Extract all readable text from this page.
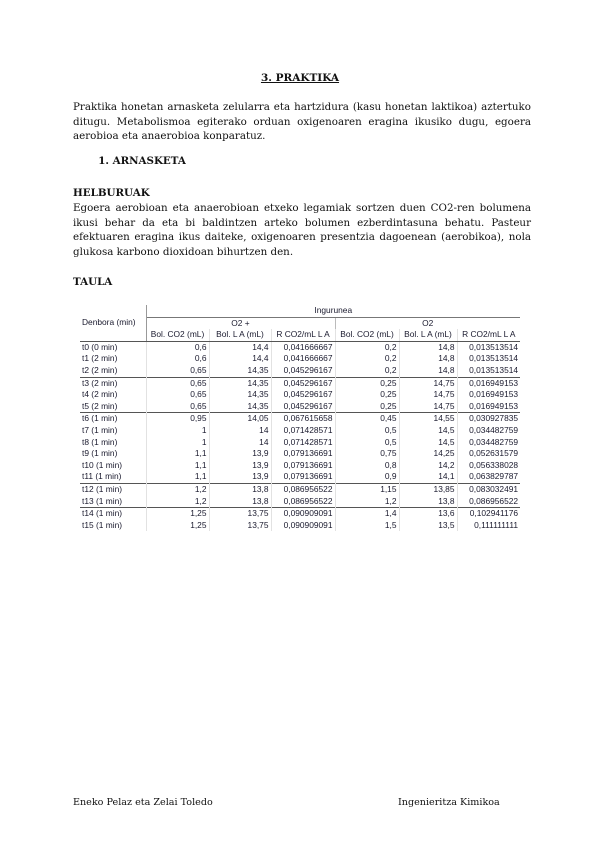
3. PRAKTIKA
Praktika honetan arnasketa zelularra eta hartzidura (kasu honetan laktikoa) aztertuko ditugu. Metabolismoa egiterako orduan oxigenoaren eragina ikusiko dugu, egoera aerobioa eta anaerobioa konparatuz.
1. ARNASKETA
HELBURUAK
Egoera aerobioan eta anaerobioan etxeko legamiak sortzen duen CO2-ren bolumena ikusi behar da eta bi baldintzen arteko bolumen ezberdintasuna behatu. Pasteur efektuaren eragina ikus daiteke, oxigenoaren presentzia dagoenean (aerobikoa), nola glukosa karbono dioxidoan bihurtzen den.
TAULA
Denbora (min)	Ingurunea					
	O2 +			O2		
	Bol. CO2 (mL)	Bol. L A (mL)	R CO2/mL L A	Bol. CO2 (mL)	Bol. L A (mL)	R CO2/mL L A
t0 (0 min)	0,6	14,4	0,041666667	0,2	14,8	0,013513514
t1 (2 min)	0,6	14,4	0,041666667	0,2	14,8	0,013513514
t2 (2 min)	0,65	14,35	0,045296167	0,2	14,8	0,013513514
t3 (2 min)	0,65	14,35	0,045296167	0,25	14,75	0,016949153
t4 (2 min)	0,65	14,35	0,045296167	0,25	14,75	0,016949153
t5 (2 min)	0,65	14,35	0,045296167	0,25	14,75	0,016949153
t6 (1 min)	0,95	14,05	0,067615658	0,45	14,55	0,030927835
t7 (1 min)	1	14	0,071428571	0,5	14,5	0,034482759
t8 (1 min)	1	14	0,071428571	0,5	14,5	0,034482759
t9 (1 min)	1,1	13,9	0,079136691	0,75	14,25	0,052631579
t10 (1 min)	1,1	13,9	0,079136691	0,8	14,2	0,056338028
t11 (1 min)	1,1	13,9	0,079136691	0,9	14,1	0,063829787
t12 (1 min)	1,2	13,8	0,086956522	1,15	13,85	0,083032491
t13 (1 min)	1,2	13,8	0,086956522	1,2	13,8	0,086956522
t14 (1 min)	1,25	13,75	0,090909091	1,4	13,6	0,102941176
t15 (1 min)	1,25	13,75	0,090909091	1,5	13,5	0,111111111
Eneko Pelaz eta Zelai Toledo	Ingenieritza Kimikoa
